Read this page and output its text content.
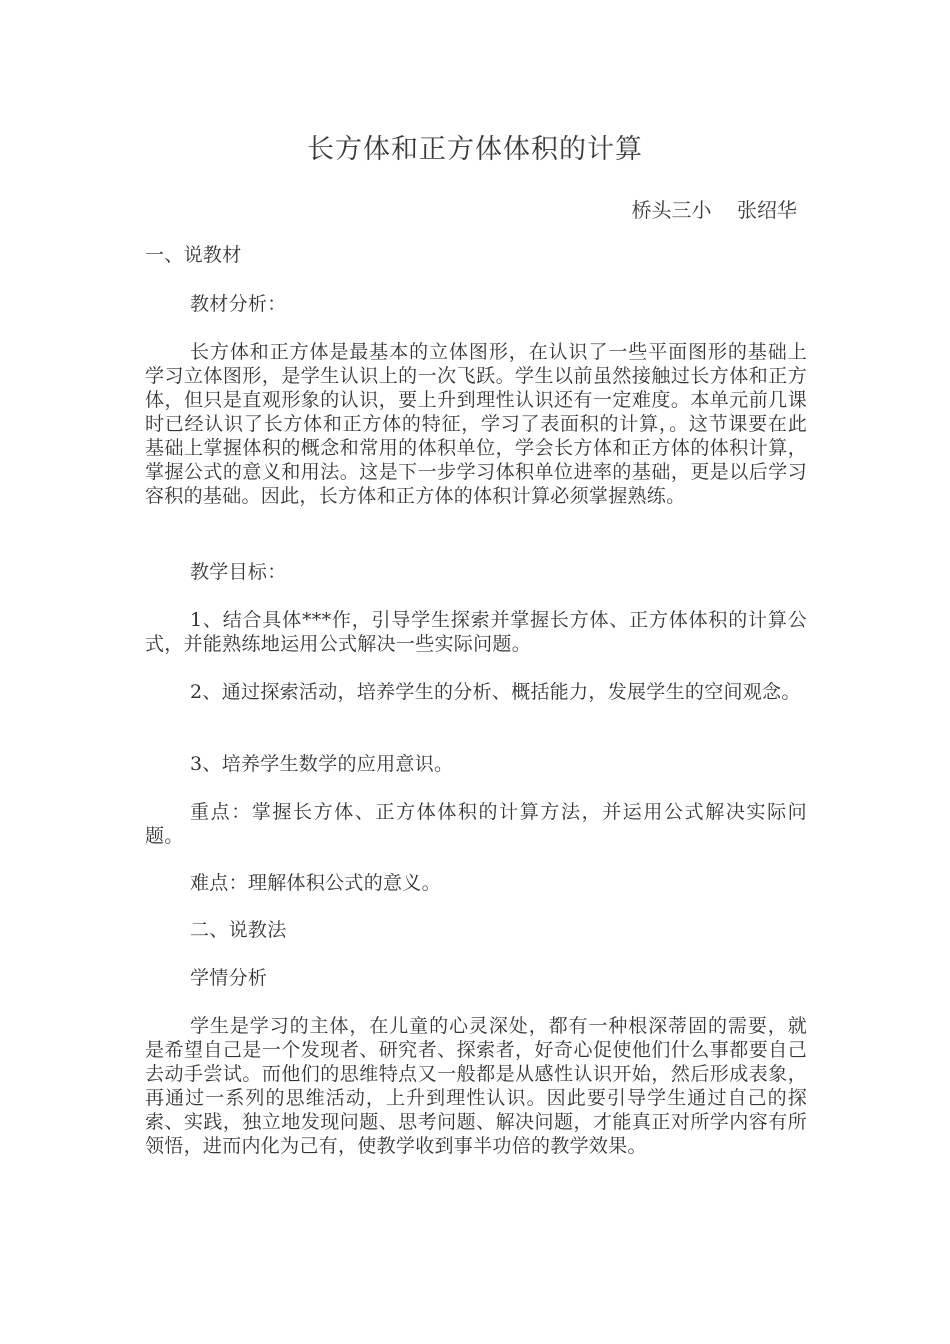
长方体和正方体体积的计算
桥头三小    张绍华
一、说教材
教材分析：
长方体和正方体是最基本的立体图形，在认识了一些平面图形的基础上学习立体图形，是学生认识上的一次飞跃。学生以前虽然接触过长方体和正方体，但只是直观形象的认识，要上升到理性认识还有一定难度。本单元前几课时已经认识了长方体和正方体的特征，学习了表面积的计算，。这节课要在此基础上掌握体积的概念和常用的体积单位，学会长方体和正方体的体积计算，掌握公式的意义和用法。这是下一步学习体积单位进率的基础，更是以后学习容积的基础。因此，长方体和正方体的体积计算必须掌握熟练。
教学目标：
1、结合具体***作，引导学生探索并掌握长方体、正方体体积的计算公式，并能熟练地运用公式解决一些实际问题。
2、通过探索活动，培养学生的分析、概括能力，发展学生的空间观念。
3、培养学生数学的应用意识。
重点：掌握长方体、正方体体积的计算方法，并运用公式解决实际问题。
难点：理解体积公式的意义。
二、说教法
学情分析
学生是学习的主体，在儿童的心灵深处，都有一种根深蒂固的需要，就是希望自己是一个发现者、研究者、探索者，好奇心促使他们什么事都要自己去动手尝试。而他们的思维特点又一般都是从感性认识开始，然后形成表象，再通过一系列的思维活动，上升到理性认识。因此要引导学生通过自己的探索、实践，独立地发现问题、思考问题、解决问题，才能真正对所学内容有所领悟，进而内化为己有，使教学收到事半功倍的教学效果。
